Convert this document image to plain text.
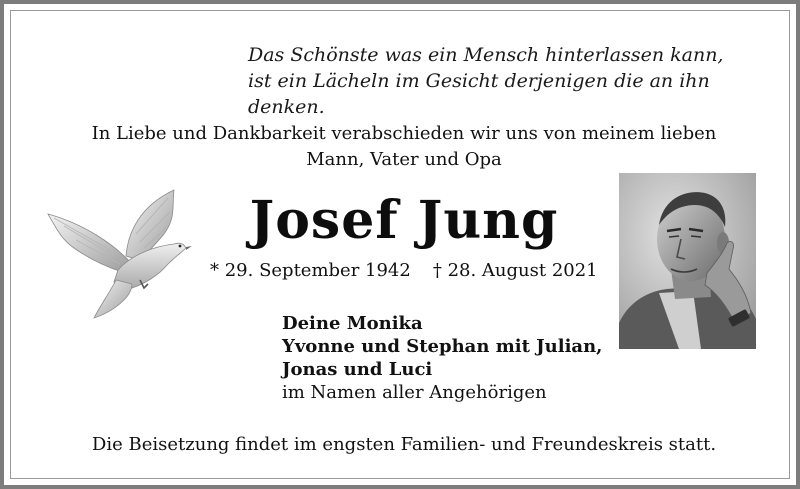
Das Schönste was ein Mensch hinterlassen kann,
ist ein Lächeln im Gesicht derjenigen die an ihn denken.
In Liebe und Dankbarkeit verabschieden wir uns von meinem lieben
Mann, Vater und Opa
Josef Jung
* 29. September 1942 † 28. August 2021
Deine Monika
Yvonne und Stephan mit Julian,
Jonas und Luci
im Namen aller Angehörigen
Die Beisetzung findet im engsten Familien- und Freundeskreis statt.
